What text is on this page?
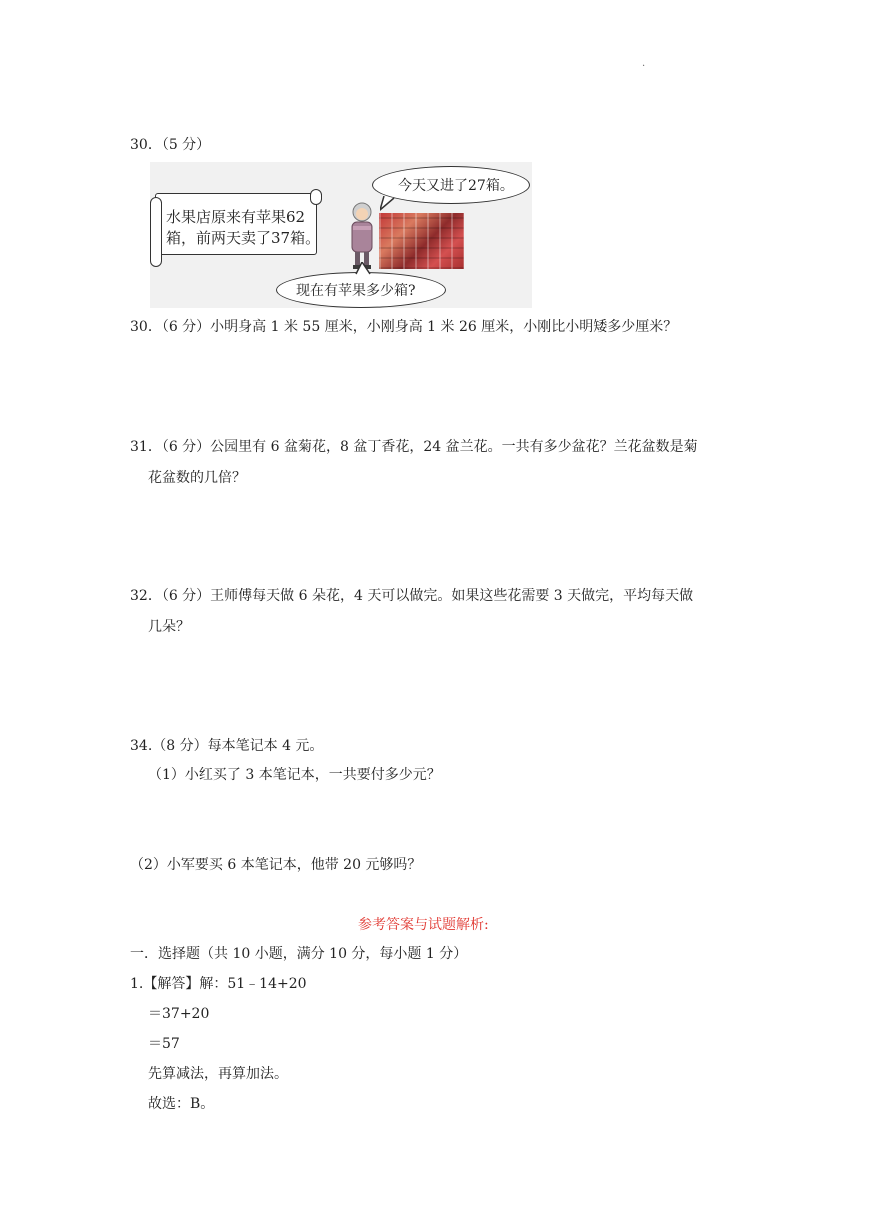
.
30．（5 分）
水果店原来有苹果62
箱，前两天卖了37箱。
今天又进了27箱。
现在有苹果多少箱?
30．（6 分）小明身高 1 米 55 厘米，小刚身高 1 米 26 厘米，小刚比小明矮多少厘米？
31．（6 分）公园里有 6 盆菊花，8 盆丁香花，24 盆兰花。一共有多少盆花？兰花盆数是菊
花盆数的几倍？
32．（6 分）王师傅每天做 6 朵花，4 天可以做完。如果这些花需要 3 天做完，平均每天做
几朵？
34.（8 分）每本笔记本 4 元。
（1）小红买了 3 本笔记本，一共要付多少元？
（2）小军要买 6 本笔记本，他带 20 元够吗？
参考答案与试题解析:
一．选择题（共 10 小题，满分 10 分，每小题 1 分）
1.【解答】解：51﹣14+20
＝37+20
＝57
先算减法，再算加法。
故选：B。
